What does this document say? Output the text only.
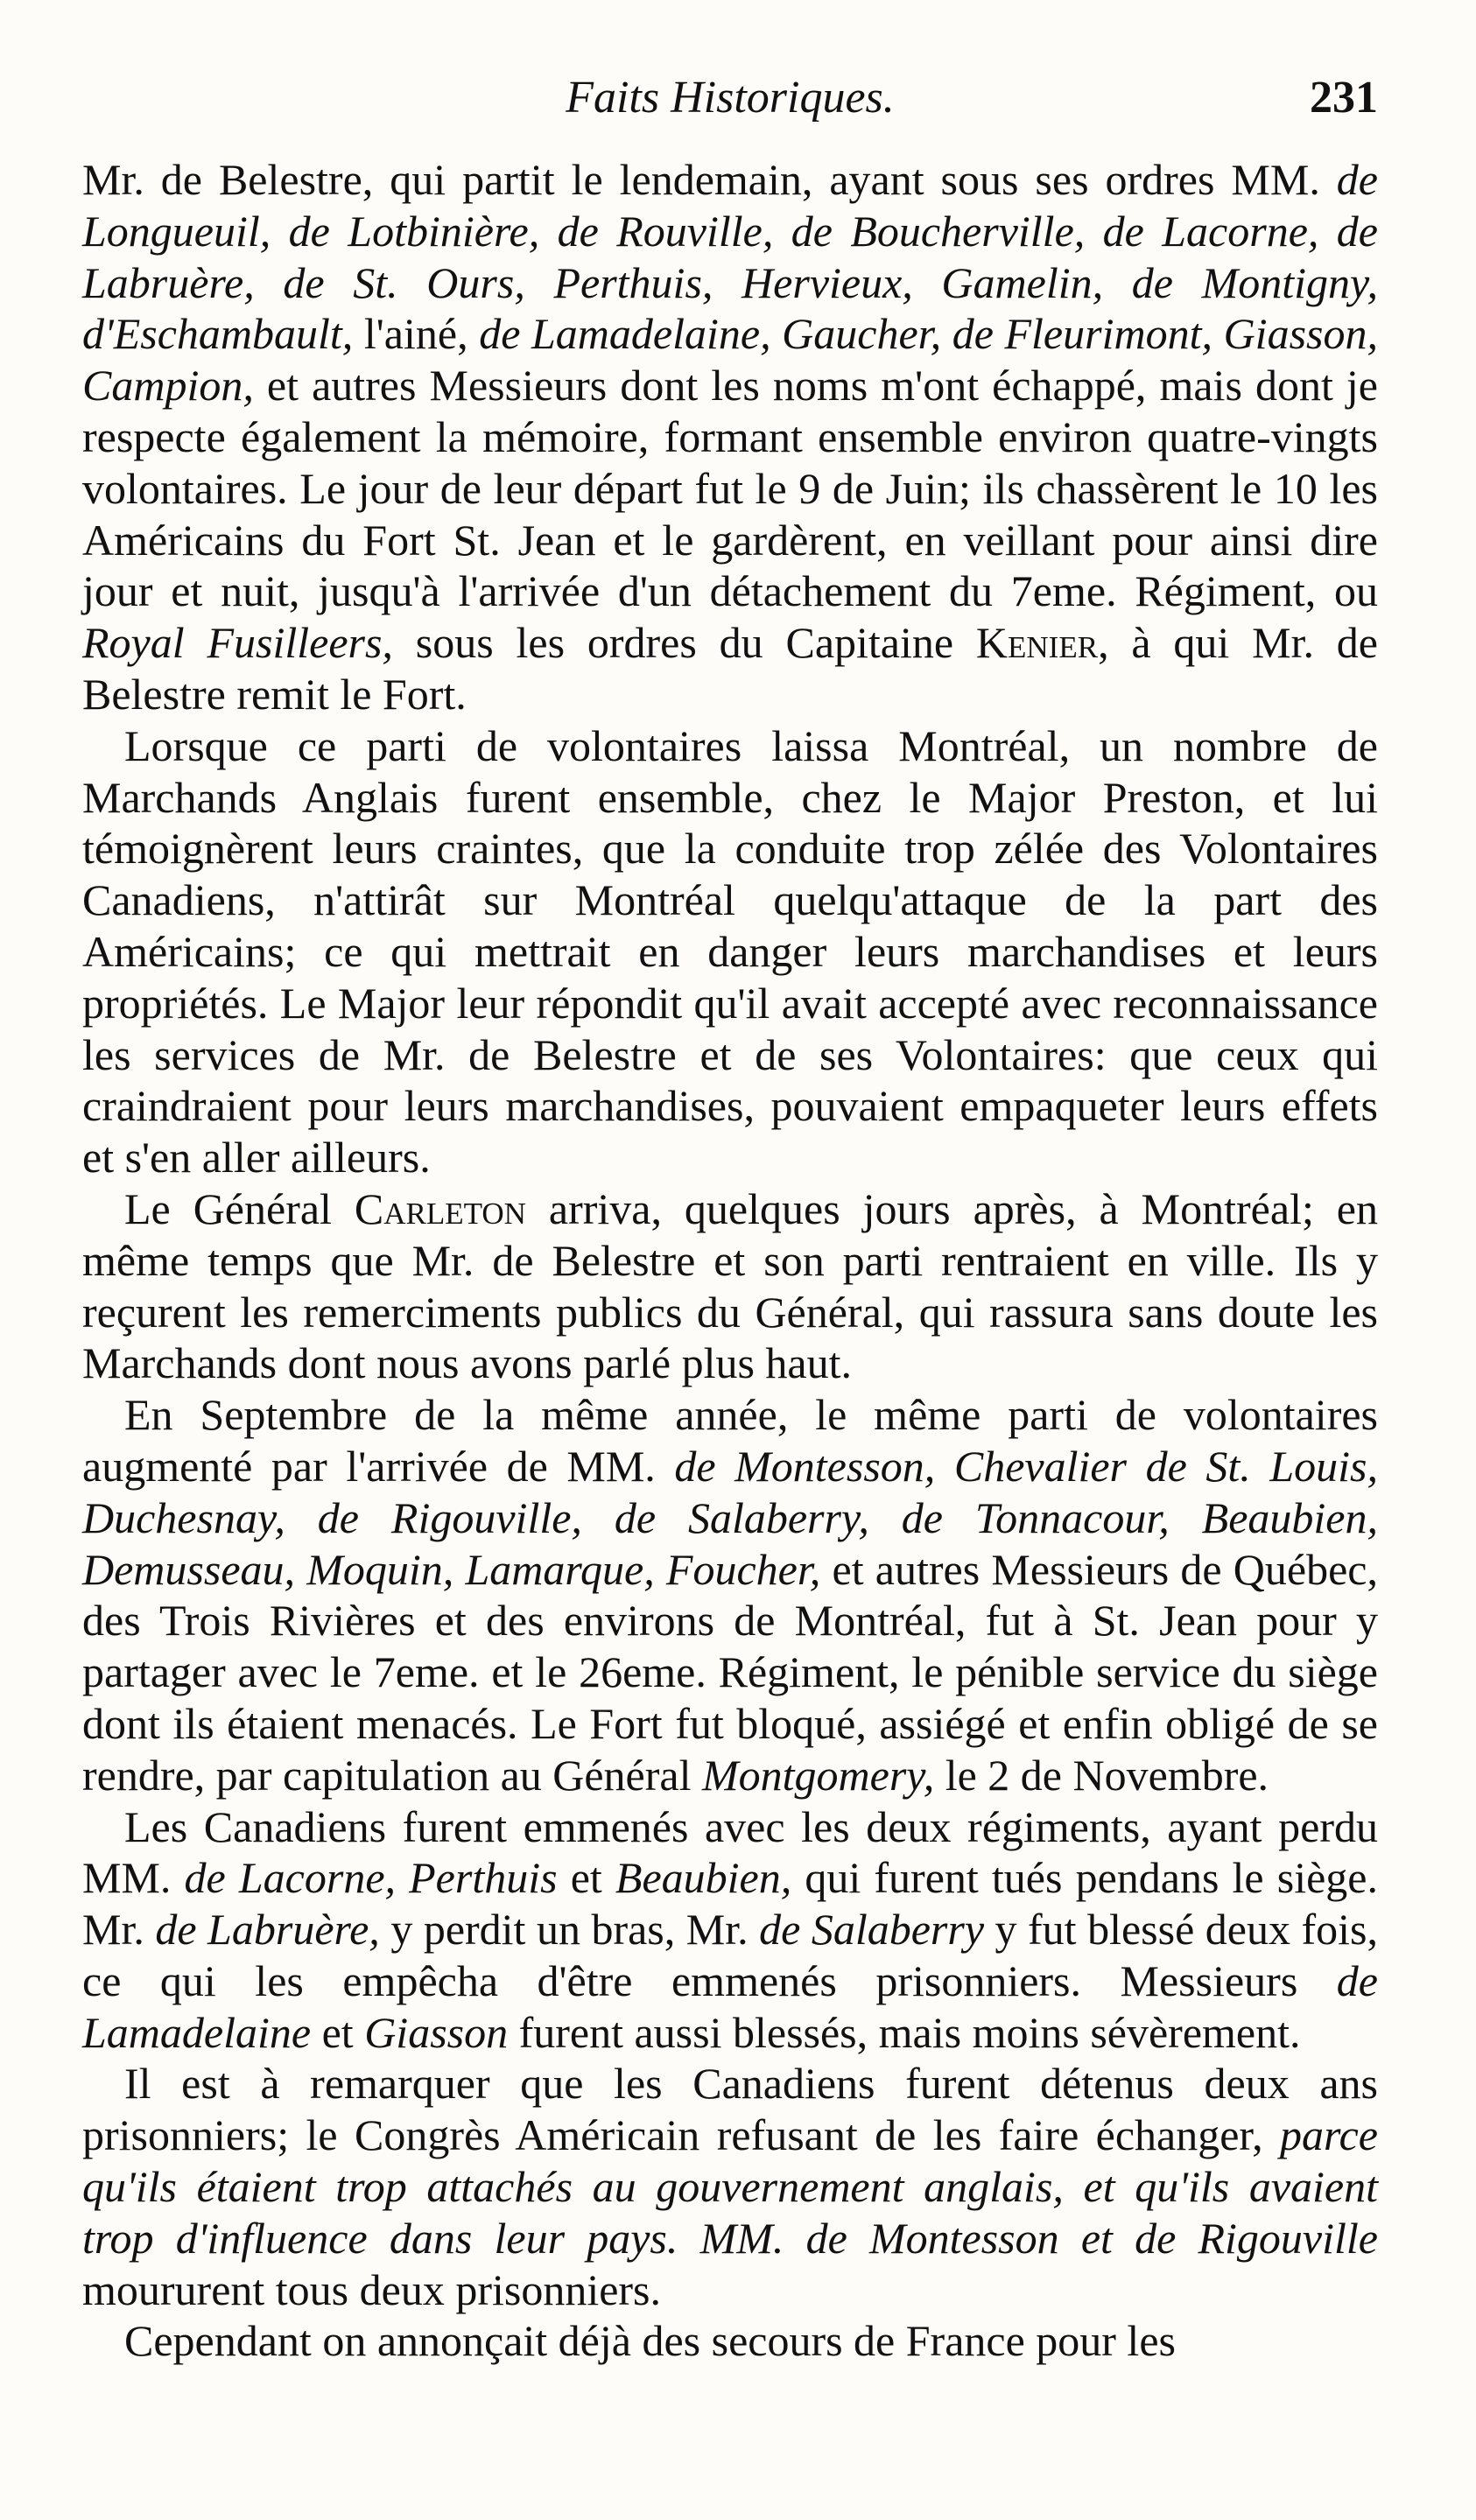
Faits Historiques.	231

Mr. de Belestre, qui partit le lendemain, ayant sous ses ordres MM. de Longueuil, de Lotbinière, de Rouville, de Boucherville, de Lacorne, de Labruère, de St. Ours, Perthuis, Hervieux, Gamelin, de Montigny, d'Eschambault, l'ainé, de Lamadelaine, Gaucher, de Fleurimont, Giasson, Campion, et autres Messieurs dont les noms m'ont échappé, mais dont je respecte également la mémoire, formant ensemble environ quatre-vingts volontaires. Le jour de leur départ fut le 9 de Juin; ils chassèrent le 10 les Américains du Fort St. Jean et le gardèrent, en veillant pour ainsi dire jour et nuit, jusqu'à l'arrivée d'un détachement du 7eme. Régiment, ou Royal Fusilleers, sous les ordres du Capitaine Kenier, à qui Mr. de Belestre remit le Fort.

Lorsque ce parti de volontaires laissa Montréal, un nombre de Marchands Anglais furent ensemble, chez le Major Preston, et lui témoignèrent leurs craintes, que la conduite trop zélée des Volontaires Canadiens, n'attirât sur Montréal quelqu'attaque de la part des Américains; ce qui mettrait en danger leurs marchandises et leurs propriétés. Le Major leur répondit qu'il avait accepté avec reconnaissance les services de Mr. de Belestre et de ses Volontaires: que ceux qui craindraient pour leurs marchandises, pouvaient empaqueter leurs effets et s'en aller ailleurs.

Le Général Carleton arriva, quelques jours après, à Montréal; en même temps que Mr. de Belestre et son parti rentraient en ville. Ils y reçurent les remerciments publics du Général, qui rassura sans doute les Marchands dont nous avons parlé plus haut.

En Septembre de la même année, le même parti de volontaires augmenté par l'arrivée de MM. de Montesson, Chevalier de St. Louis, Duchesnay, de Rigouville, de Salaberry, de Tonnacour, Beaubien, Demusseau, Moquin, Lamarque, Foucher, et autres Messieurs de Québec, des Trois Rivières et des environs de Montréal, fut à St. Jean pour y partager avec le 7eme. et le 26eme. Régiment, le pénible service du siège dont ils étaient menacés. Le Fort fut bloqué, assiégé et enfin obligé de se rendre, par capitulation au Général Montgomery, le 2 de Novembre.

Les Canadiens furent emmenés avec les deux régiments, ayant perdu MM. de Lacorne, Perthuis et Beaubien, qui furent tués pendans le siège. Mr. de Labruère, y perdit un bras, Mr. de Salaberry y fut blessé deux fois, ce qui les empêcha d'être emmenés prisonniers. Messieurs de Lamadelaine et Giasson furent aussi blessés, mais moins sévèrement.

Il est à remarquer que les Canadiens furent détenus deux ans prisonniers; le Congrès Américain refusant de les faire échanger, parce qu'ils étaient trop attachés au gouvernement anglais, et qu'ils avaient trop d'influence dans leur pays. MM. de Montesson et de Rigouville moururent tous deux prisonniers.

Cependant on annonçait déjà des secours de France pour les
